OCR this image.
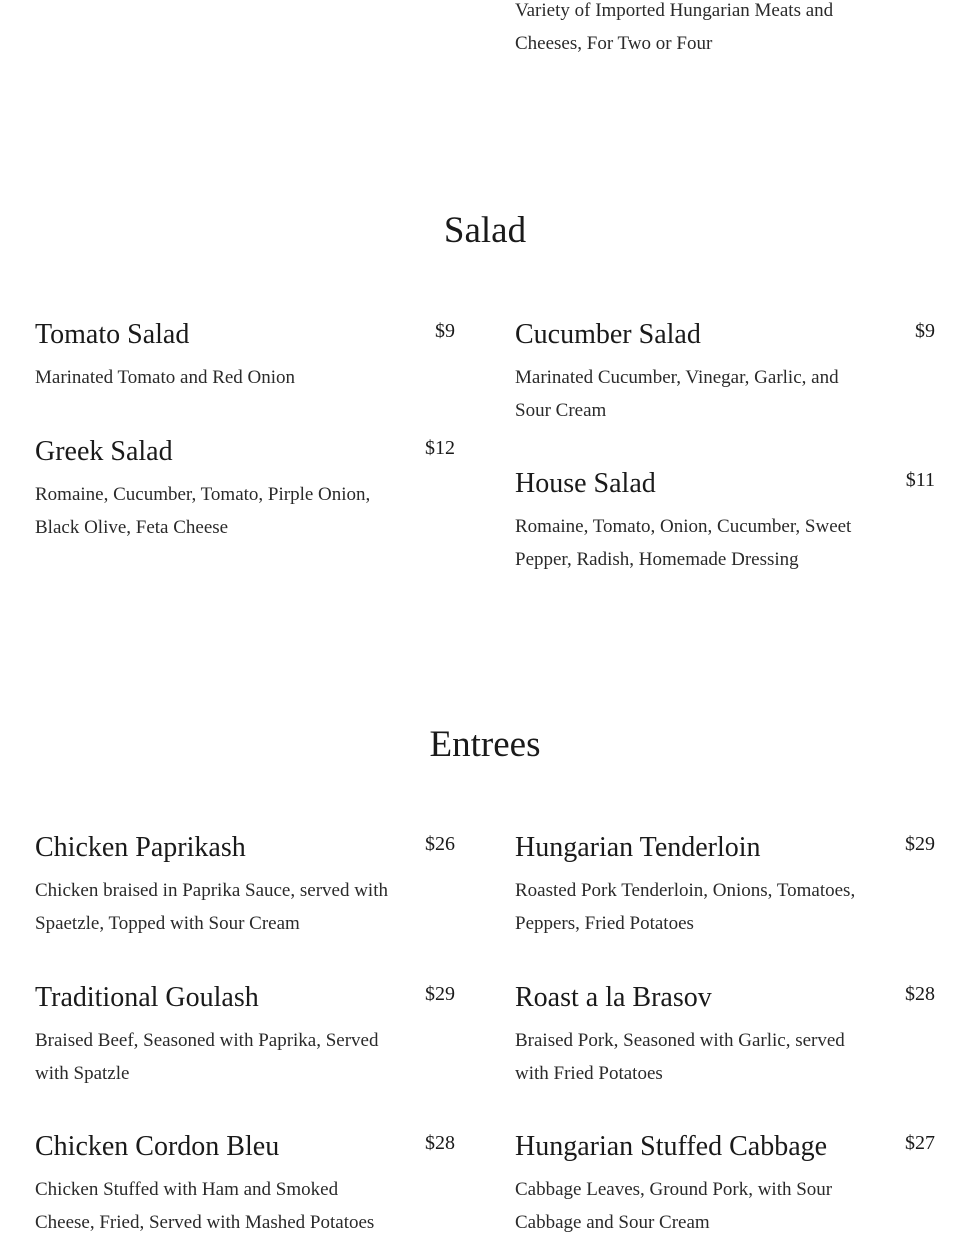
Variety of Imported Hungarian Meats and Cheeses, For Two or Four
Salad
Tomato Salad	$9
Marinated Tomato and Red Onion
Cucumber Salad	$9
Marinated Cucumber, Vinegar, Garlic, and Sour Cream
Greek Salad	$12
Romaine, Cucumber, Tomato, Pirple Onion, Black Olive, Feta Cheese
House Salad	$11
Romaine, Tomato, Onion, Cucumber, Sweet Pepper, Radish, Homemade Dressing
Entrees
Chicken Paprikash	$26
Chicken braised in Paprika Sauce, served with Spaetzle, Topped with Sour Cream
Hungarian Tenderloin	$29
Roasted Pork Tenderloin, Onions, Tomatoes, Peppers, Fried Potatoes
Traditional Goulash	$29
Braised Beef, Seasoned with Paprika, Served with Spatzle
Roast a la Brasov	$28
Braised Pork, Seasoned with Garlic, served with Fried Potatoes
Chicken Cordon Bleu	$28
Chicken Stuffed with Ham and Smoked Cheese, Fried, Served with Mashed Potatoes
Hungarian Stuffed Cabbage	$27
Cabbage Leaves, Ground Pork, with Sour Cabbage and Sour Cream
